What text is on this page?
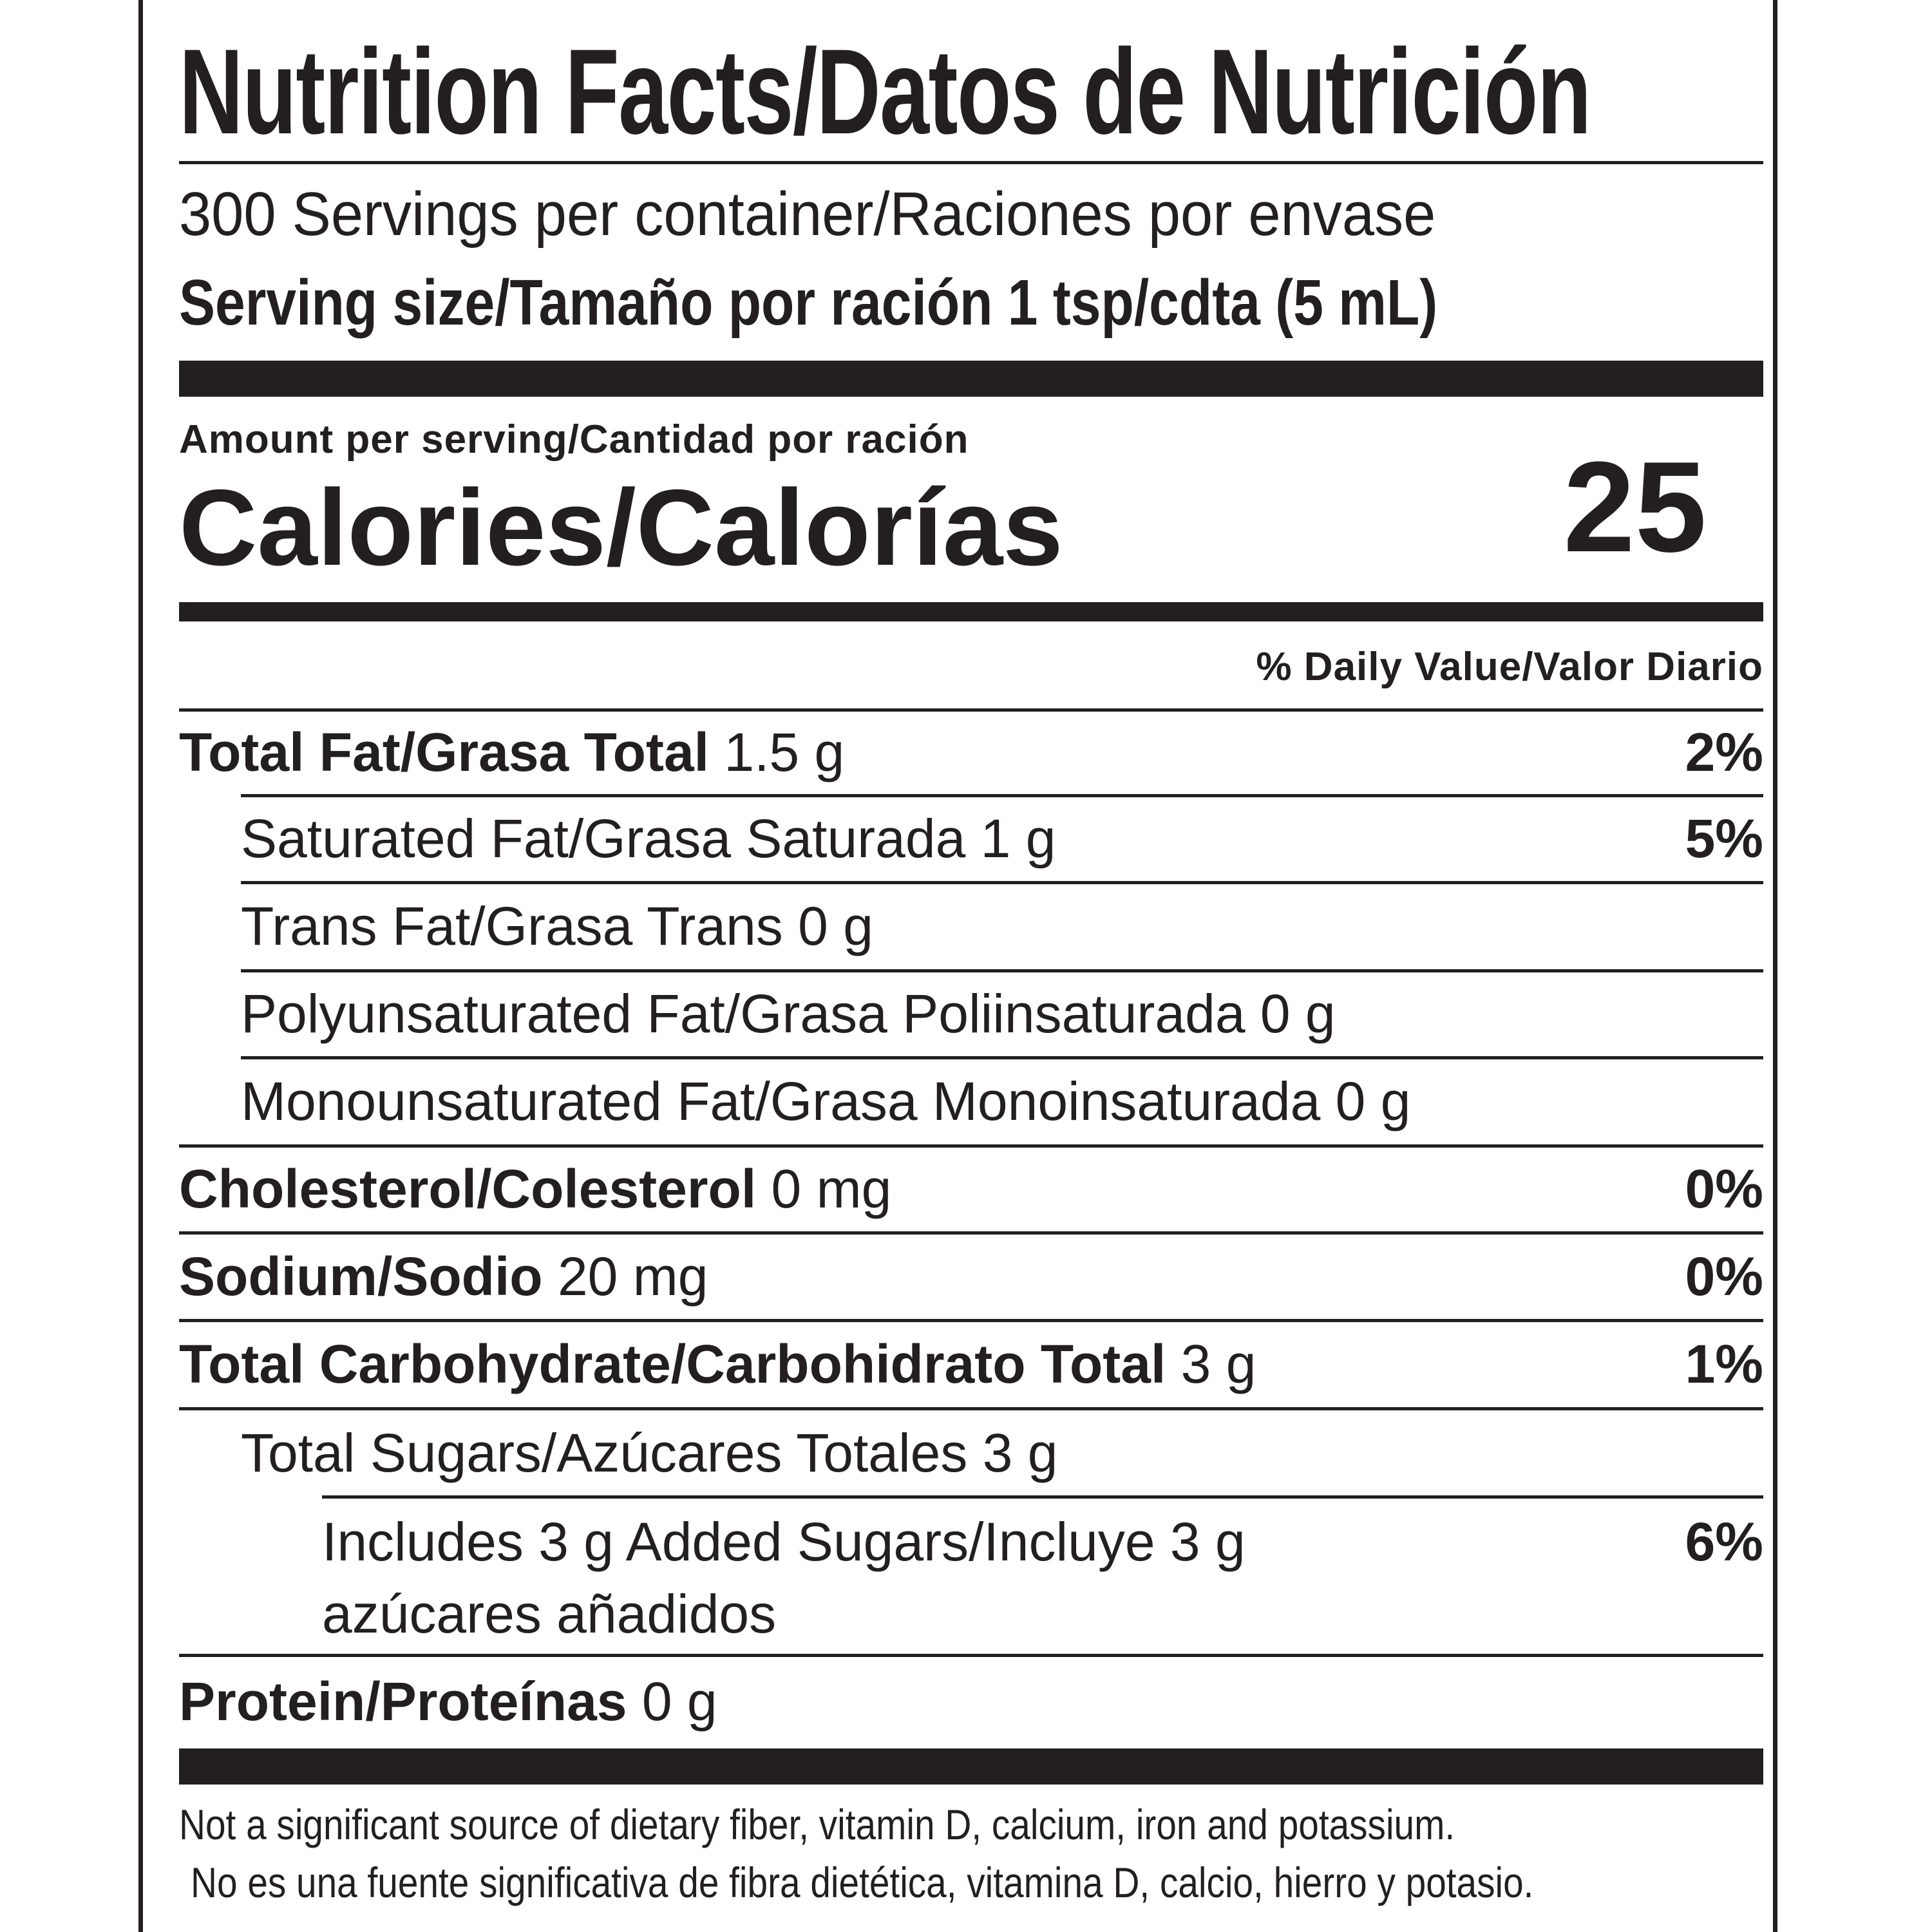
Nutrition Facts/Datos de Nutrición
300 Servings per container/Raciones por envase
Serving size/Tamaño por ración 1 tsp/cdta (5 mL)
Amount per serving/Cantidad por ración
Calories/Calorías	25
% Daily Value/Valor Diario
Total Fat/Grasa Total 1.5 g	2%
Saturated Fat/Grasa Saturada 1 g	5%
Trans Fat/Grasa Trans 0 g
Polyunsaturated Fat/Grasa Poliinsaturada 0 g
Monounsaturated Fat/Grasa Monoinsaturada 0 g
Cholesterol/Colesterol 0 mg	0%
Sodium/Sodio 20 mg	0%
Total Carbohydrate/Carbohidrato Total 3 g	1%
Total Sugars/Azúcares Totales 3 g
Includes 3 g Added Sugars/Incluye 3 g	6%
azúcares añadidos
Protein/Proteínas 0 g
Not a significant source of dietary fiber, vitamin D, calcium, iron and potassium.
No es una fuente significativa de fibra dietética, vitamina D, calcio, hierro y potasio.
